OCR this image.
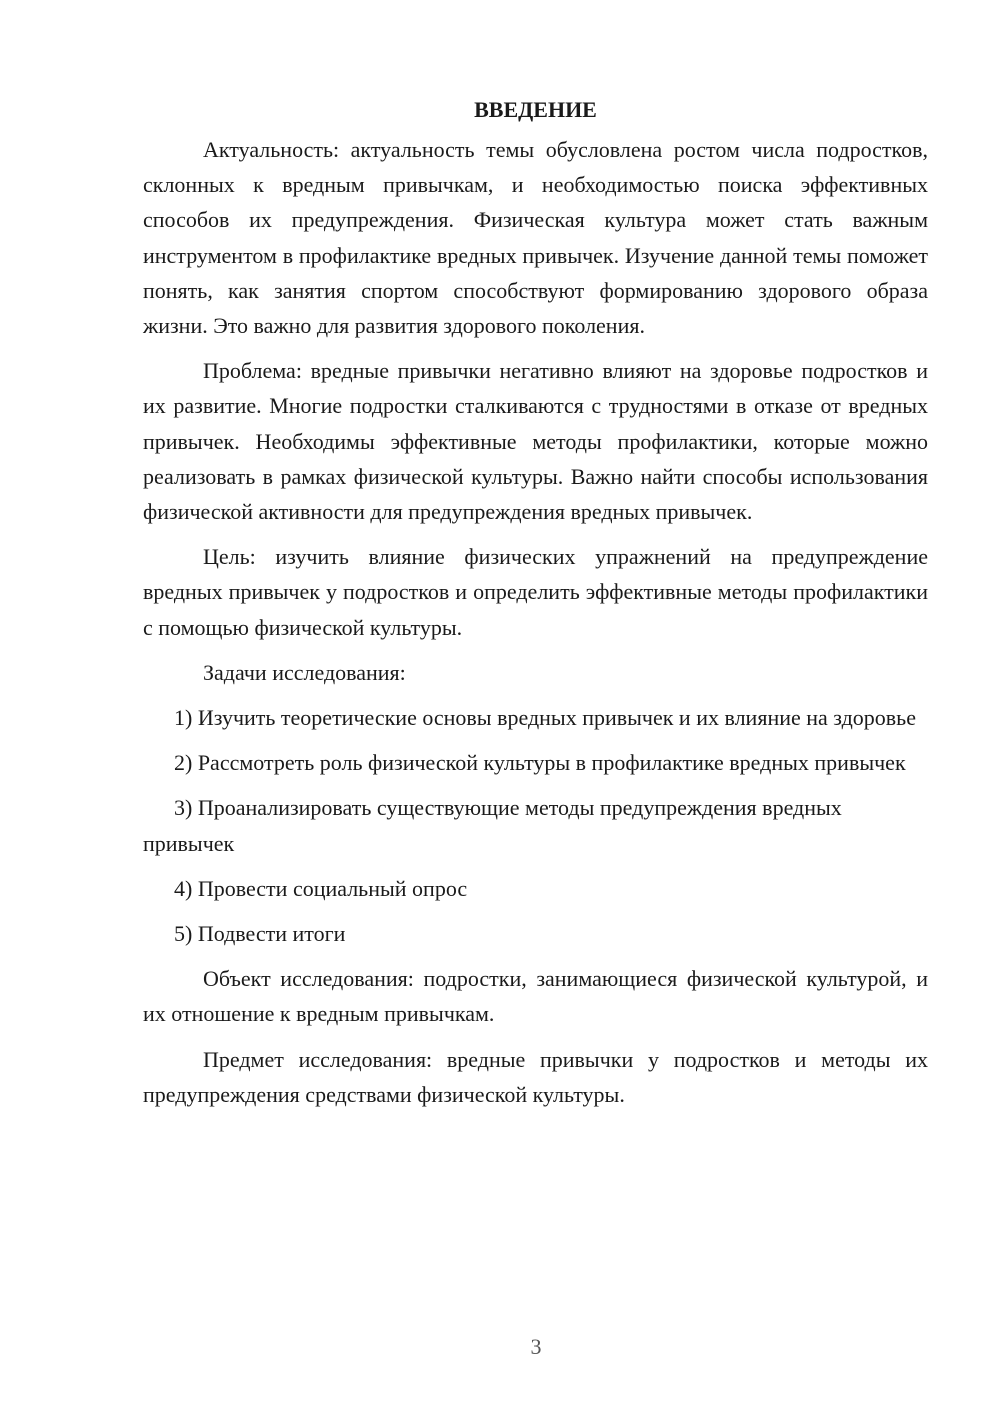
ВВЕДЕНИЕ

Актуальность: актуальность темы обусловлена ростом числа подростков, склонных к вредным привычкам, и необходимостью поиска эффективных способов их предупреждения. Физическая культура может стать важным инструментом в профилактике вредных привычек. Изучение данной темы поможет понять, как занятия спортом способствуют формированию здорового образа жизни. Это важно для развития здорового поколения.

Проблема: вредные привычки негативно влияют на здоровье подростков и их развитие. Многие подростки сталкиваются с трудностями в отказе от вредных привычек. Необходимы эффективные методы профилактики, которые можно реализовать в рамках физической культуры. Важно найти способы использования физической активности для предупреждения вредных привычек.

Цель: изучить влияние физических упражнений на предупреждение вредных привычек у подростков и определить эффективные методы профилактики с помощью физической культуры.

Задачи исследования:

1) Изучить теоретические основы вредных привычек и их влияние на здоровье

2) Рассмотреть роль физической культуры в профилактике вредных привычек

3) Проанализировать существующие методы предупреждения вредных привычек

4) Провести социальный опрос

5) Подвести итоги

Объект исследования: подростки, занимающиеся физической культурой, и их отношение к вредным привычкам.

Предмет исследования: вредные привычки у подростков и методы их предупреждения средствами физической культуры.

3
